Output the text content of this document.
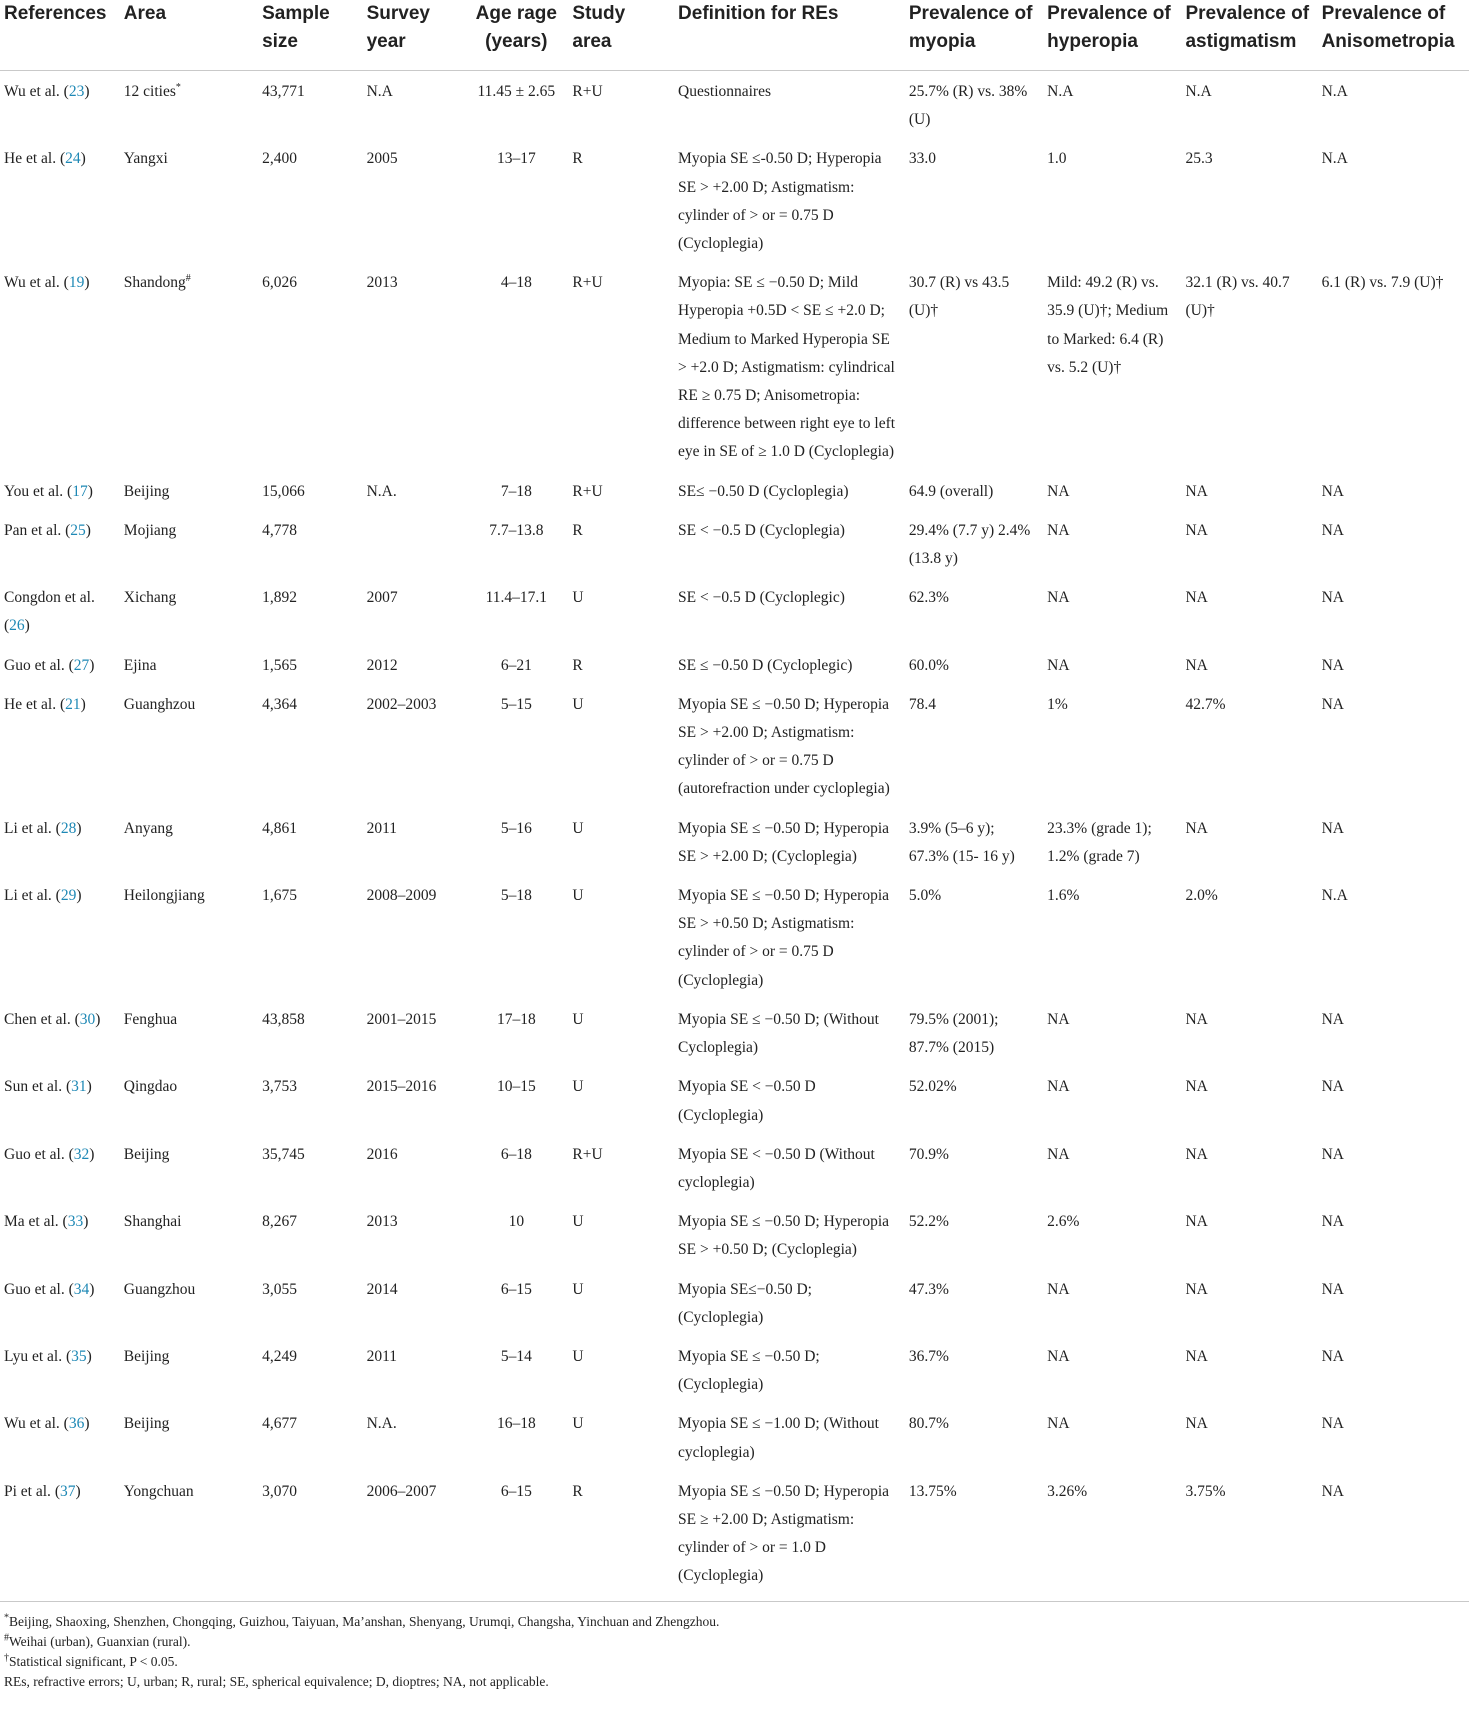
References	Area	Sample size	Survey year	Age rage (years)	Study area	Definition for REs	Prevalence of myopia	Prevalence of hyperopia	Prevalence of astigmatism	Prevalence of Anisometropia
Wu et al. (23)	12 cities*	43,771	N.A	11.45 ± 2.65	R+U	Questionnaires	25.7% (R) vs. 38% (U)	N.A	N.A	N.A
He et al. (24)	Yangxi	2,400	2005	13–17	R	Myopia SE ≤-0.50 D; Hyperopia SE > +2.00 D; Astigmatism: cylinder of > or = 0.75 D (Cycloplegia)	33.0	1.0	25.3	N.A
Wu et al. (19)	Shandong#	6,026	2013	4–18	R+U	Myopia: SE ≤ −0.50 D; Mild Hyperopia +0.5D < SE ≤ +2.0 D; Medium to Marked Hyperopia SE > +2.0 D; Astigmatism: cylindrical RE ≥ 0.75 D; Anisometropia: difference between right eye to left eye in SE of ≥ 1.0 D (Cycloplegia)	30.7 (R) vs 43.5 (U)†	Mild: 49.2 (R) vs. 35.9 (U)†; Medium to Marked: 6.4 (R) vs. 5.2 (U)†	32.1 (R) vs. 40.7 (U)†	6.1 (R) vs. 7.9 (U)†
You et al. (17)	Beijing	15,066	N.A.	7–18	R+U	SE≤ −0.50 D (Cycloplegia)	64.9 (overall)	NA	NA	NA
Pan et al. (25)	Mojiang	4,778		7.7–13.8	R	SE < −0.5 D (Cycloplegia)	29.4% (7.7 y) 2.4% (13.8 y)	NA	NA	NA
Congdon et al. (26)	Xichang	1,892	2007	11.4–17.1	U	SE < −0.5 D (Cycloplegic)	62.3%	NA	NA	NA
Guo et al. (27)	Ejina	1,565	2012	6–21	R	SE ≤ −0.50 D (Cycloplegic)	60.0%	NA	NA	NA
He et al. (21)	Guanghzou	4,364	2002–2003	5–15	U	Myopia SE ≤ −0.50 D; Hyperopia SE > +2.00 D; Astigmatism: cylinder of > or = 0.75 D (autorefraction under cycloplegia)	78.4	1%	42.7%	NA
Li et al. (28)	Anyang	4,861	2011	5–16	U	Myopia SE ≤ −0.50 D; Hyperopia SE > +2.00 D; (Cycloplegia)	3.9% (5–6 y); 67.3% (15- 16 y)	23.3% (grade 1); 1.2% (grade 7)	NA	NA
Li et al. (29)	Heilongjiang	1,675	2008–2009	5–18	U	Myopia SE ≤ −0.50 D; Hyperopia SE > +0.50 D; Astigmatism: cylinder of > or = 0.75 D (Cycloplegia)	5.0%	1.6%	2.0%	N.A
Chen et al. (30)	Fenghua	43,858	2001–2015	17–18	U	Myopia SE ≤ −0.50 D; (Without Cycloplegia)	79.5% (2001); 87.7% (2015)	NA	NA	NA
Sun et al. (31)	Qingdao	3,753	2015–2016	10–15	U	Myopia SE < −0.50 D (Cycloplegia)	52.02%	NA	NA	NA
Guo et al. (32)	Beijing	35,745	2016	6–18	R+U	Myopia SE < −0.50 D (Without cycloplegia)	70.9%	NA	NA	NA
Ma et al. (33)	Shanghai	8,267	2013	10	U	Myopia SE ≤ −0.50 D; Hyperopia SE > +0.50 D; (Cycloplegia)	52.2%	2.6%	NA	NA
Guo et al. (34)	Guangzhou	3,055	2014	6–15	U	Myopia SE≤−0.50 D; (Cycloplegia)	47.3%	NA	NA	NA
Lyu et al. (35)	Beijing	4,249	2011	5–14	U	Myopia SE ≤ −0.50 D; (Cycloplegia)	36.7%	NA	NA	NA
Wu et al. (36)	Beijing	4,677	N.A.	16–18	U	Myopia SE ≤ −1.00 D; (Without cycloplegia)	80.7%	NA	NA	NA
Pi et al. (37)	Yongchuan	3,070	2006–2007	6–15	R	Myopia SE ≤ −0.50 D; Hyperopia SE ≥ +2.00 D; Astigmatism: cylinder of > or = 1.0 D (Cycloplegia)	13.75%	3.26%	3.75%	NA
*Beijing, Shaoxing, Shenzhen, Chongqing, Guizhou, Taiyuan, Ma’anshan, Shenyang, Urumqi, Changsha, Yinchuan and Zhengzhou.
#Weihai (urban), Guanxian (rural).
†Statistical significant, P < 0.05.
REs, refractive errors; U, urban; R, rural; SE, spherical equivalence; D, dioptres; NA, not applicable.
